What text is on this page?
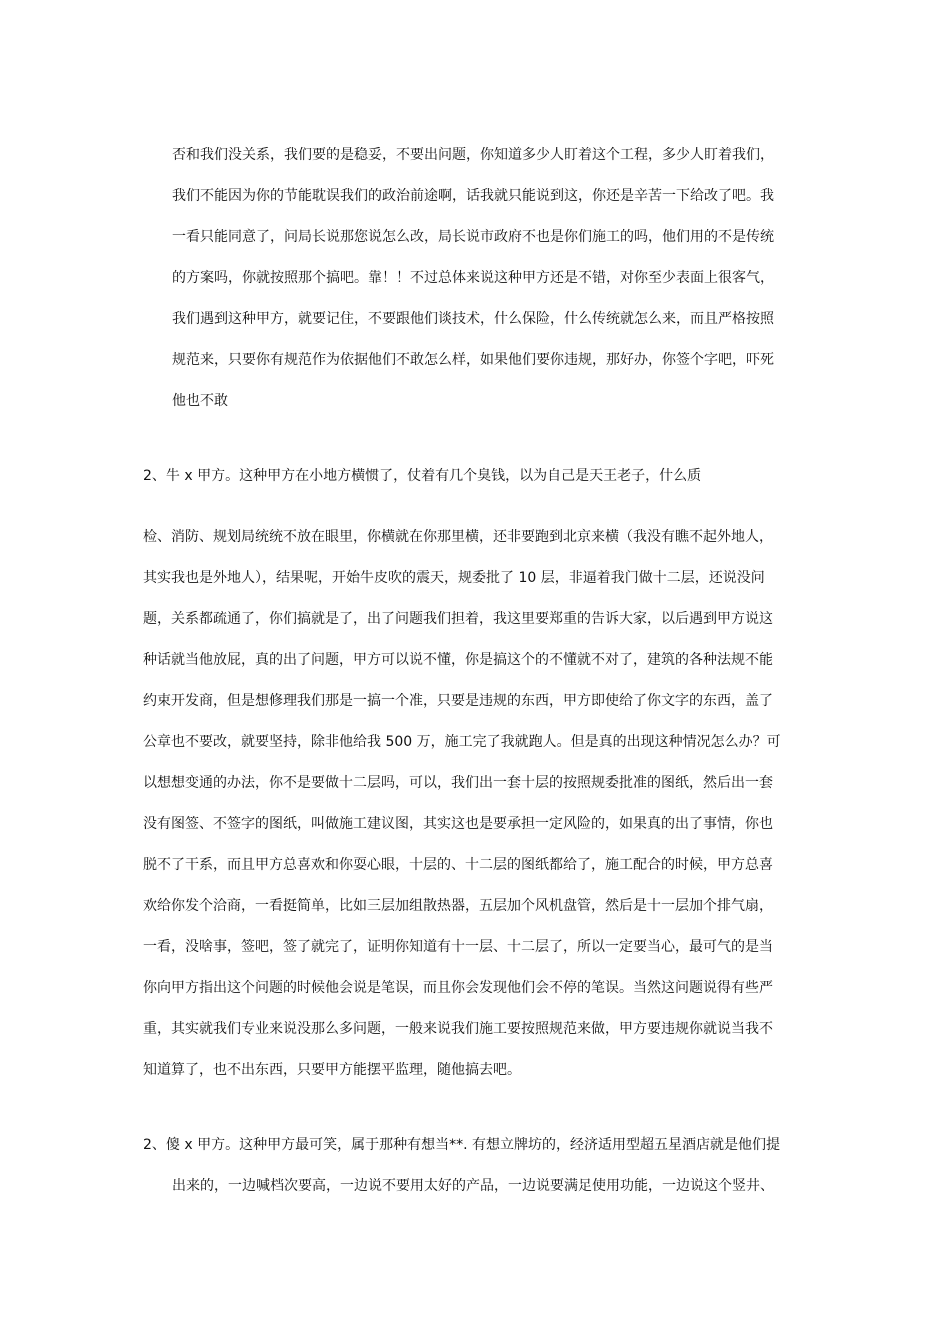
否和我们没关系，我们要的是稳妥，不要出问题，你知道多少人盯着这个工程，多少人盯着我们，
我们不能因为你的节能耽误我们的政治前途啊，话我就只能说到这，你还是辛苦一下给改了吧。我
一看只能同意了，问局长说那您说怎么改，局长说市政府不也是你们施工的吗，他们用的不是传统
的方案吗，你就按照那个搞吧。靠！！不过总体来说这种甲方还是不错，对你至少表面上很客气，
我们遇到这种甲方，就要记住，不要跟他们谈技术，什么保险，什么传统就怎么来，而且严格按照
规范来，只要你有规范作为依据他们不敢怎么样，如果他们要你违规，那好办，你签个字吧，吓死
他也不敢
2、牛 x 甲方。这种甲方在小地方横惯了，仗着有几个臭钱，以为自己是天王老子，什么质
检、消防、规划局统统不放在眼里，你横就在你那里横，还非要跑到北京来横（我没有瞧不起外地人，
其实我也是外地人），结果呢，开始牛皮吹的震天，规委批了 10 层，非逼着我门做十二层，还说没问
题，关系都疏通了，你们搞就是了，出了问题我们担着，我这里要郑重的告诉大家，以后遇到甲方说这
种话就当他放屁，真的出了问题，甲方可以说不懂，你是搞这个的不懂就不对了，建筑的各种法规不能
约束开发商，但是想修理我们那是一搞一个准，只要是违规的东西，甲方即使给了你文字的东西，盖了
公章也不要改，就要坚持，除非他给我 500 万，施工完了我就跑人。但是真的出现这种情况怎么办？可
以想想变通的办法，你不是要做十二层吗，可以，我们出一套十层的按照规委批准的图纸，然后出一套
没有图签、不签字的图纸，叫做施工建议图，其实这也是要承担一定风险的，如果真的出了事情，你也
脱不了干系，而且甲方总喜欢和你耍心眼，十层的、十二层的图纸都给了，施工配合的时候，甲方总喜
欢给你发个洽商，一看挺简单，比如三层加组散热器，五层加个风机盘管，然后是十一层加个排气扇，
一看，没啥事，签吧，签了就完了，证明你知道有十一层、十二层了，所以一定要当心，最可气的是当
你向甲方指出这个问题的时候他会说是笔误，而且你会发现他们会不停的笔误。当然这问题说得有些严
重，其实就我们专业来说没那么多问题，一般来说我们施工要按照规范来做，甲方要违规你就说当我不
知道算了，也不出东西，只要甲方能摆平监理，随他搞去吧。
2、傻 x 甲方。这种甲方最可笑，属于那种有想当**. 有想立牌坊的，经济适用型超五星酒店就是他们提
出来的，一边喊档次要高，一边说不要用太好的产品，一边说要满足使用功能，一边说这个竖井、
